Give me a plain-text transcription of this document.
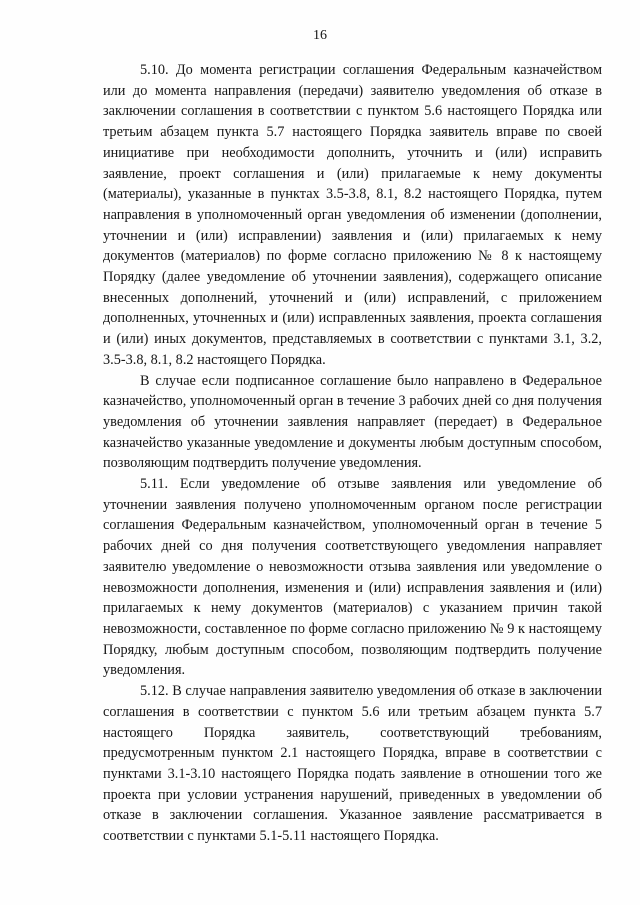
16

5.10. До момента регистрации соглашения Федеральным казначейством или до момента направления (передачи) заявителю уведомления об отказе в заключении соглашения в соответствии с пунктом 5.6 настоящего Порядка или третьим абзацем пункта 5.7 настоящего Порядка заявитель вправе по своей инициативе при необходимости дополнить, уточнить и (или) исправить заявление, проект соглашения и (или) прилагаемые к нему документы (материалы), указанные в пунктах 3.5-3.8, 8.1, 8.2 настоящего Порядка, путем направления в уполномоченный орган уведомления об изменении (дополнении, уточнении и (или) исправлении) заявления и (или) прилагаемых к нему документов (материалов) по форме согласно приложению № 8 к настоящему Порядку (далее уведомление об уточнении заявления), содержащего описание внесенных дополнений, уточнений и (или) исправлений, с приложением дополненных, уточненных и (или) исправленных заявления, проекта соглашения и (или) иных документов, представляемых в соответствии с пунктами 3.1, 3.2, 3.5-3.8, 8.1, 8.2 настоящего Порядка.

В случае если подписанное соглашение было направлено в Федеральное казначейство, уполномоченный орган в течение 3 рабочих дней со дня получения уведомления об уточнении заявления направляет (передает) в Федеральное казначейство указанные уведомление и документы любым доступным способом, позволяющим подтвердить получение уведомления.

5.11. Если уведомление об отзыве заявления или уведомление об уточнении заявления получено уполномоченным органом после регистрации соглашения Федеральным казначейством, уполномоченный орган в течение 5 рабочих дней со дня получения соответствующего уведомления направляет заявителю уведомление о невозможности отзыва заявления или уведомление о невозможности дополнения, изменения и (или) исправления заявления и (или) прилагаемых к нему документов (материалов) с указанием причин такой невозможности, составленное по форме согласно приложению № 9 к настоящему Порядку, любым доступным способом, позволяющим подтвердить получение уведомления.

5.12. В случае направления заявителю уведомления об отказе в заключении соглашения в соответствии с пунктом 5.6 или третьим абзацем пункта 5.7 настоящего Порядка заявитель, соответствующий требованиям, предусмотренным пунктом 2.1 настоящего Порядка, вправе в соответствии с пунктами 3.1-3.10 настоящего Порядка подать заявление в отношении того же проекта при условии устранения нарушений, приведенных в уведомлении об отказе в заключении соглашения. Указанное заявление рассматривается в соответствии с пунктами 5.1-5.11 настоящего Порядка.
